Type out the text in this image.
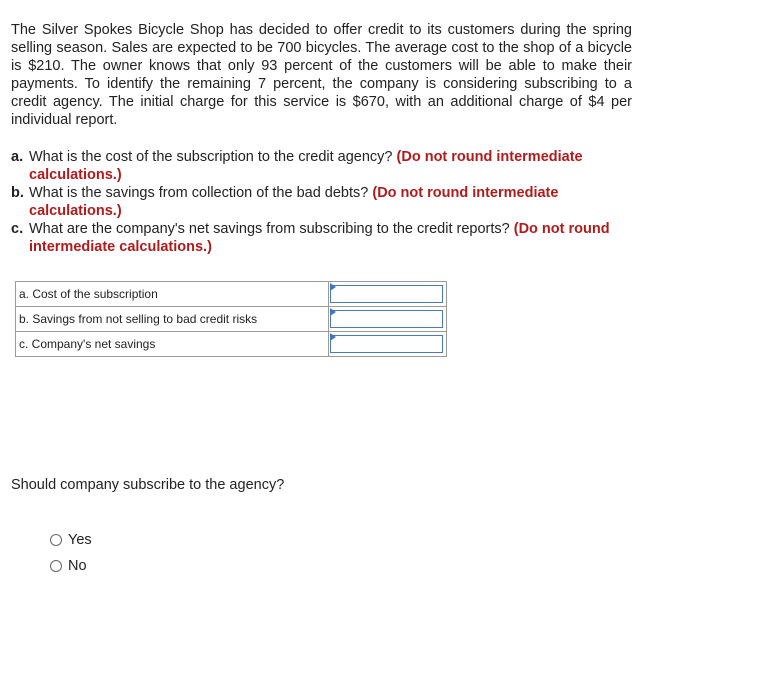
The Silver Spokes Bicycle Shop has decided to offer credit to its customers during the spring selling season. Sales are expected to be 700 bicycles. The average cost to the shop of a bicycle is $210. The owner knows that only 93 percent of the customers will be able to make their payments. To identify the remaining 7 percent, the company is considering subscribing to a credit agency. The initial charge for this service is $670, with an additional charge of $4 per individual report.

a. What is the cost of the subscription to the credit agency? (Do not round intermediate calculations.)
b. What is the savings from collection of the bad debts? (Do not round intermediate calculations.)
c. What are the company's net savings from subscribing to the credit reports? (Do not round intermediate calculations.)
a. Cost of the subscription	

b. Savings from not selling to bad credit risks	

c. Company's net savings	

Should company subscribe to the agency?

Yes
No
